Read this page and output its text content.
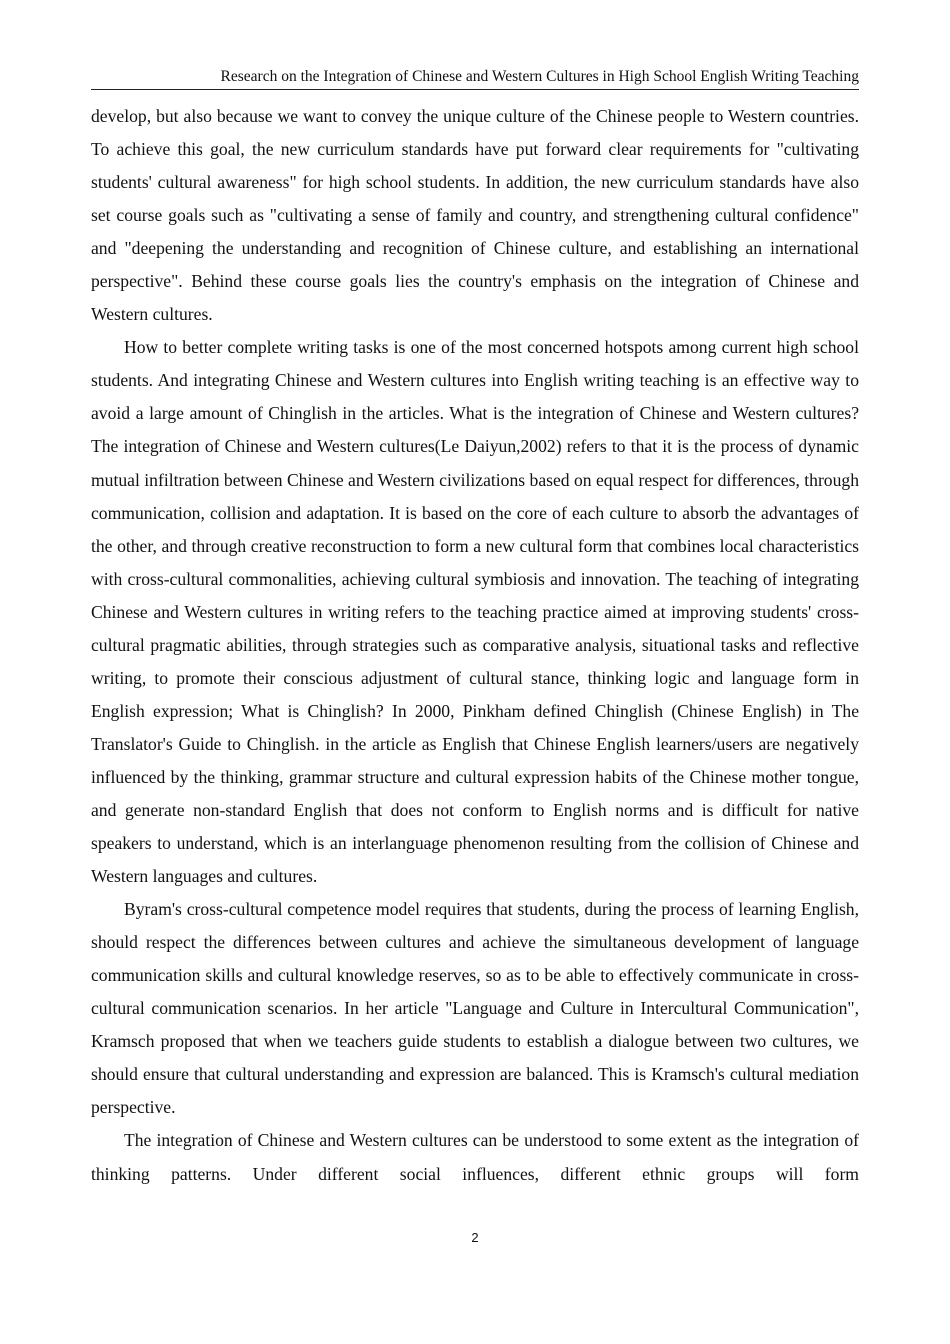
Research on the Integration of Chinese and Western Cultures in High School English Writing Teaching

develop, but also because we want to convey the unique culture of the Chinese people to Western countries. To achieve this goal, the new curriculum standards have put forward clear requirements for "cultivating students' cultural awareness" for high school students. In addition, the new curriculum standards have also set course goals such as "cultivating a sense of family and country, and strengthening cultural confidence" and "deepening the understanding and recognition of Chinese culture, and establishing an international perspective". Behind these course goals lies the country's emphasis on the integration of Chinese and Western cultures.

How to better complete writing tasks is one of the most concerned hotspots among current high school students. And integrating Chinese and Western cultures into English writing teaching is an effective way to avoid a large amount of Chinglish in the articles. What is the integration of Chinese and Western cultures? The integration of Chinese and Western cultures(Le Daiyun,2002) refers to that it is the process of dynamic mutual infiltration between Chinese and Western civilizations based on equal respect for differences, through communication, collision and adaptation. It is based on the core of each culture to absorb the advantages of the other, and through creative reconstruction to form a new cultural form that combines local characteristics with cross-cultural commonalities, achieving cultural symbiosis and innovation. The teaching of integrating Chinese and Western cultures in writing refers to the teaching practice aimed at improving students' cross-cultural pragmatic abilities, through strategies such as comparative analysis, situational tasks and reflective writing, to promote their conscious adjustment of cultural stance, thinking logic and language form in English expression; What is Chinglish? In 2000, Pinkham defined Chinglish (Chinese English) in The Translator's Guide to Chinglish. in the article as English that Chinese English learners/users are negatively influenced by the thinking, grammar structure and cultural expression habits of the Chinese mother tongue, and generate non-standard English that does not conform to English norms and is difficult for native speakers to understand, which is an interlanguage phenomenon resulting from the collision of Chinese and Western languages and cultures.

Byram's cross-cultural competence model requires that students, during the process of learning English, should respect the differences between cultures and achieve the simultaneous development of language communication skills and cultural knowledge reserves, so as to be able to effectively communicate in cross-cultural communication scenarios. In her article "Language and Culture in Intercultural Communication", Kramsch proposed that when we teachers guide students to establish a dialogue between two cultures, we should ensure that cultural understanding and expression are balanced. This is Kramsch's cultural mediation perspective.

The integration of Chinese and Western cultures can be understood to some extent as the integration of thinking patterns. Under different social influences, different ethnic groups will form

2
